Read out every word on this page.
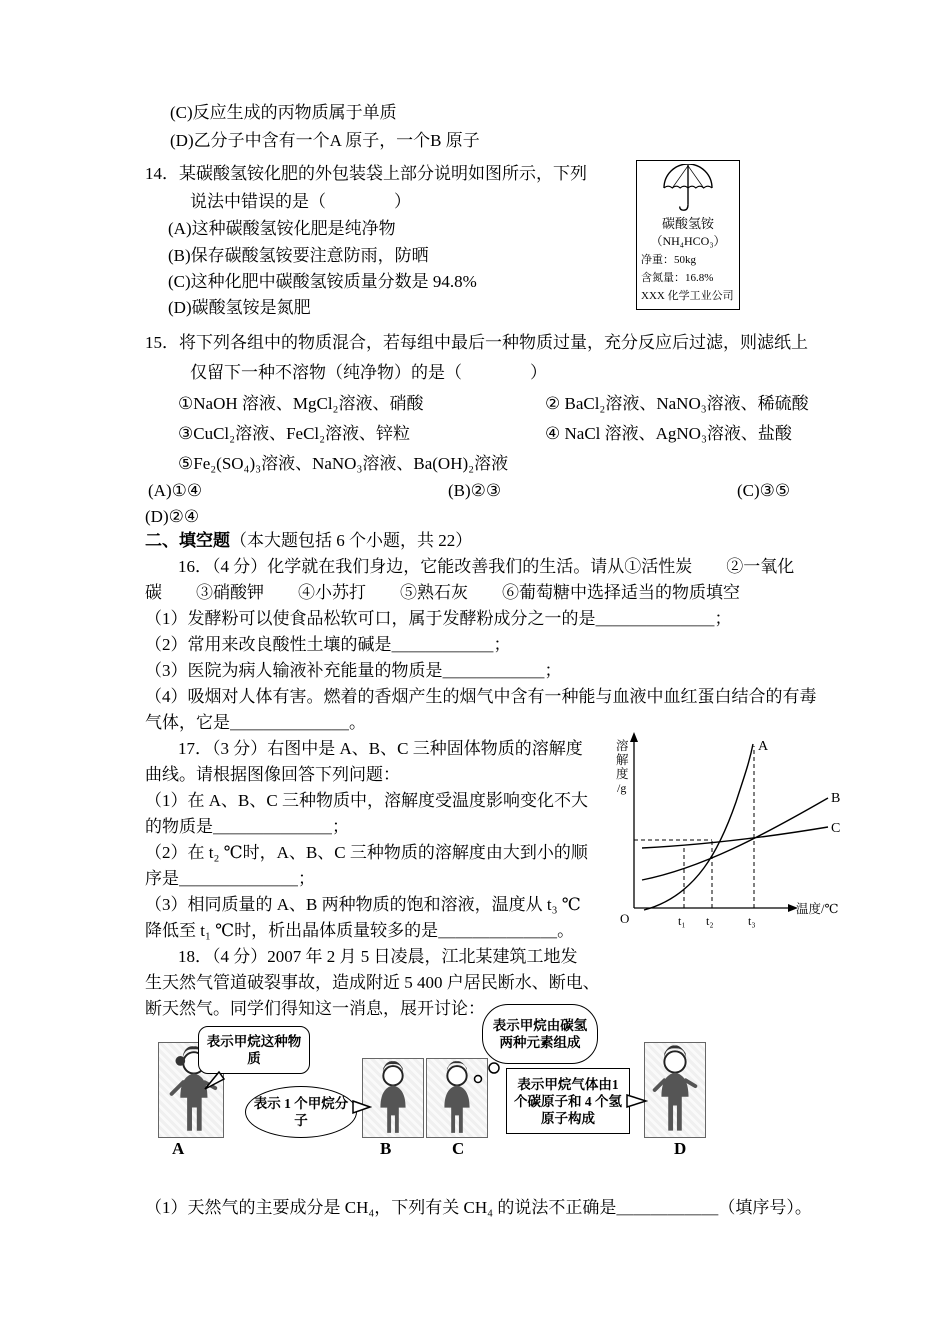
(C)反应生成的丙物质属于单质
(D)乙分子中含有一个A 原子，一个B 原子
14．某碳酸氢铵化肥的外包装袋上部分说明如图所示，下列
说法中错误的是（　　　　）
(A)这种碳酸氢铵化肥是纯净物
(B)保存碳酸氢铵要注意防雨，防晒
(C)这种化肥中碳酸氢铵质量分数是 94.8%
(D)碳酸氢铵是氮肥
碳酸氢铵
（NH₄HCO₃）
净重：50kg
含氮量：16.8%
XXX 化学工业公司
15．将下列各组中的物质混合，若每组中最后一种物质过量，充分反应后过滤，则滤纸上
仅留下一种不溶物（纯净物）的是（　　　　）
①NaOH 溶液、MgCl₂溶液、硝酸	② BaCl₂溶液、NaNO₃溶液、稀硫酸
③CuCl₂溶液、FeCl₂溶液、锌粒	④ NaCl 溶液、AgNO₃溶液、盐酸
⑤Fe₂(SO₄)₃溶液、NaNO₃溶液、Ba(OH)₂溶液
(A)①④	(B)②③	(C)③⑤
(D)②④
二、填空题（本大题包括 6 个小题，共 22）
16．（4 分）化学就在我们身边，它能改善我们的生活。请从①活性炭　　②一氧化
碳　　③硝酸钾　　④小苏打　　⑤熟石灰　　⑥葡萄糖中选择适当的物质填空
（1）发酵粉可以使食品松软可口，属于发酵粉成分之一的是＿＿＿＿＿＿＿；
（2）常用来改良酸性土壤的碱是＿＿＿＿＿＿；
（3）医院为病人输液补充能量的物质是＿＿＿＿＿＿；
（4）吸烟对人体有害。燃着的香烟产生的烟气中含有一种能与血液中血红蛋白结合的有毒
气体，它是＿＿＿＿＿＿＿。
17．（3 分）右图中是 A、B、C 三种固体物质的溶解度
曲线。请根据图像回答下列问题：
（1）在 A、B、C 三种物质中，溶解度受温度影响变化不大
的物质是＿＿＿＿＿＿＿；
（2）在 t₂ ℃时，A、B、C 三种物质的溶解度由大到小的顺
序是＿＿＿＿＿＿＿；
（3）相同质量的 A、B 两种物质的饱和溶液，温度从 t₃ ℃
降低至 t₁ ℃时，析出晶体质量较多的是＿＿＿＿＿＿＿。
溶
解
度
/g
A
B
C
O	t₁ t₂	t₃
温度/℃
18．（4 分）2007 年 2 月 5 日凌晨，江北某建筑工地发
生天然气管道破裂事故，造成附近 5 400 户居民断水、断电、
断天然气。同学们得知这一消息，展开讨论：
表示甲烷这种物质
表示 1 个甲烷分子
表示甲烷由碳氢两种元素组成
表示甲烷气体由1个碳原子和 4 个氢原子构成
A	B	C	D
（1）天然气的主要成分是 CH₄，下列有关 CH₄ 的说法不正确是＿＿＿＿＿＿（填序号）。
